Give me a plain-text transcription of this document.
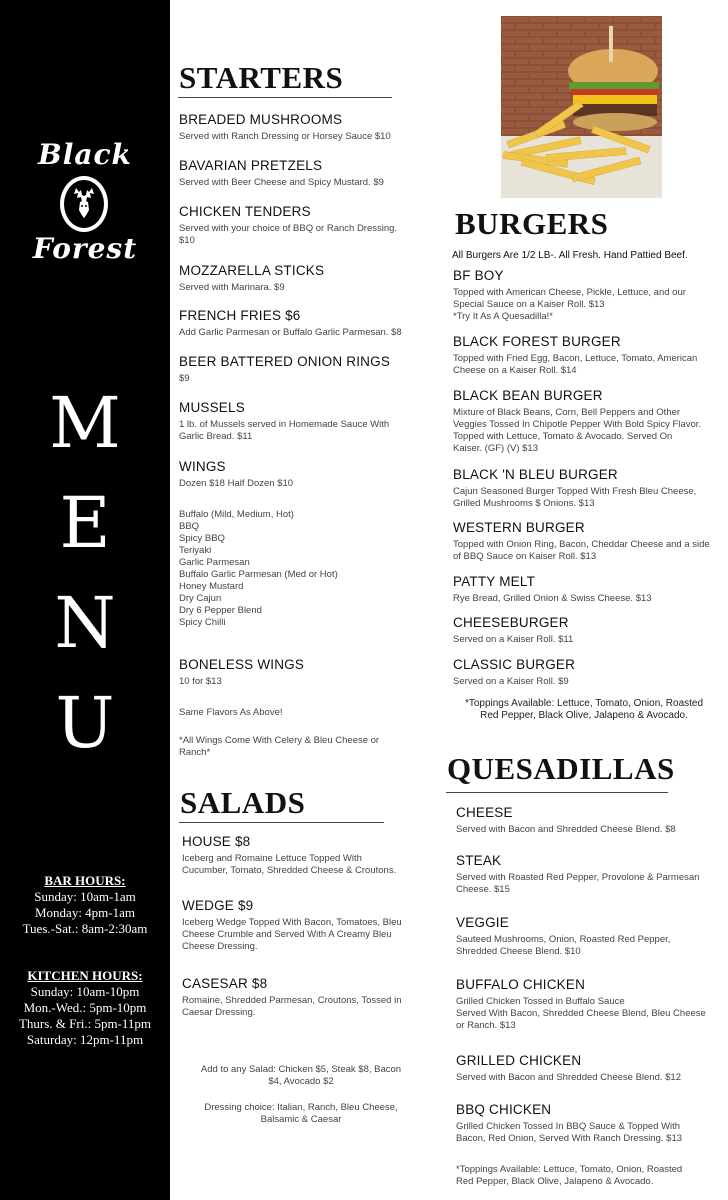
Black
Forest
M
E
N
U
BAR HOURS:
Sunday: 10am-1am
Monday: 4pm-1am
Tues.-Sat.: 8am-2:30am
KITCHEN HOURS:
Sunday: 10am-10pm
Mon.-Wed.: 5pm-10pm
Thurs. & Fri.: 5pm-11pm
Saturday: 12pm-11pm
STARTERS
BREADED MUSHROOMS
Served with Ranch Dressing or Horsey Sauce $10
BAVARIAN PRETZELS
Served with Beer Cheese and Spicy Mustard. $9
CHICKEN TENDERS
Served with your choice of BBQ or Ranch Dressing.
$10
MOZZARELLA STICKS
Served with Marinara. $9
FRENCH FRIES $6
Add Garlic Parmesan or Buffalo Garlic Parmesan. $8
BEER BATTERED ONION RINGS
$9
MUSSELS
1 lb. of Mussels served in Homemade Sauce With
Garlic Bread. $11
WINGS
Dozen $18 Half Dozen $10
Buffalo (Mild, Medium, Hot)
BBQ
Spicy BBQ
Teriyaki
Garlic Parmesan
Buffalo Garlic Parmesan (Med or Hot)
Honey Mustard
Dry Cajun
Dry 6 Pepper Blend
Spicy Chilli
BONELESS WINGS
10 for $13
Same Flavors As Above!
*All Wings Come With Celery & Bleu Cheese or
Ranch*
SALADS
HOUSE $8
Iceberg and Romaine Lettuce Topped With
Cucumber, Tomato, Shredded Cheese & Croutons.
WEDGE $9
Iceberg Wedge Topped With Bacon, Tomatoes, Bleu
Cheese Crumble and Served With A Creamy Bleu
Cheese Dressing.
CASESAR $8
Romaine, Shredded Parmesan, Croutons, Tossed in
Caesar Dressing.
Add to any Salad: Chicken $5, Steak $8, Bacon
$4, Avocado $2
Dressing choice: Italian, Ranch, Bleu Cheese,
Balsamic & Caesar
BURGERS
All Burgers Are 1/2 LB-. All Fresh. Hand Pattied Beef.
BF BOY
Topped with American Cheese, Pickle, Lettuce, and our
Special Sauce on a Kaiser Roll. $13
*Try It As A Quesadilla!*
BLACK FOREST BURGER
Topped with Fried Egg, Bacon, Lettuce, Tomato, American
Cheese on a Kaiser Roll. $14
BLACK BEAN BURGER
Mixture of Black Beans, Corn, Bell Peppers and Other
Veggies Tossed In Chipotle Pepper With Bold Spicy Flavor.
Topped with Lettuce, Tomato & Avocado. Served On
Kaiser. (GF) (V) $13
BLACK 'N BLEU BURGER
Cajun Seasoned Burger Topped With Fresh Bleu Cheese,
Grilled Mushrooms $ Onions. $13
WESTERN BURGER
Topped with Onion Ring, Bacon, Cheddar Cheese and a side
of BBQ Sauce on Kaiser Roll. $13
PATTY MELT
Rye Bread, Grilled Onion & Swiss Cheese. $13
CHEESEBURGER
Served on a Kaiser Roll. $11
CLASSIC BURGER
Served on a Kaiser Roll. $9
*Toppings Available: Lettuce, Tomato, Onion, Roasted
Red Pepper, Black Olive, Jalapeno & Avocado.
QUESADILLAS
CHEESE
Served with Bacon and Shredded Cheese Blend. $8
STEAK
Served with Roasted Red Pepper, Provolone & Parmesan
Cheese. $15
VEGGIE
Sauteed Mushrooms, Onion, Roasted Red Pepper,
Shredded Cheese Blend. $10
BUFFALO CHICKEN
Grilled Chicken Tossed in Buffalo Sauce
Served With Bacon, Shredded Cheese Blend, Bleu Cheese
or Ranch. $13
GRILLED CHICKEN
Served with Bacon and Shredded Cheese Blend. $12
BBQ CHICKEN
Grilled Chicken Tossed In BBQ Sauce & Topped With
Bacon, Red Onion, Served With Ranch Dressing. $13
*Toppings Available: Lettuce, Tomato, Onion, Roasted
Red Pepper, Black Olive, Jalapeno & Avocado.
